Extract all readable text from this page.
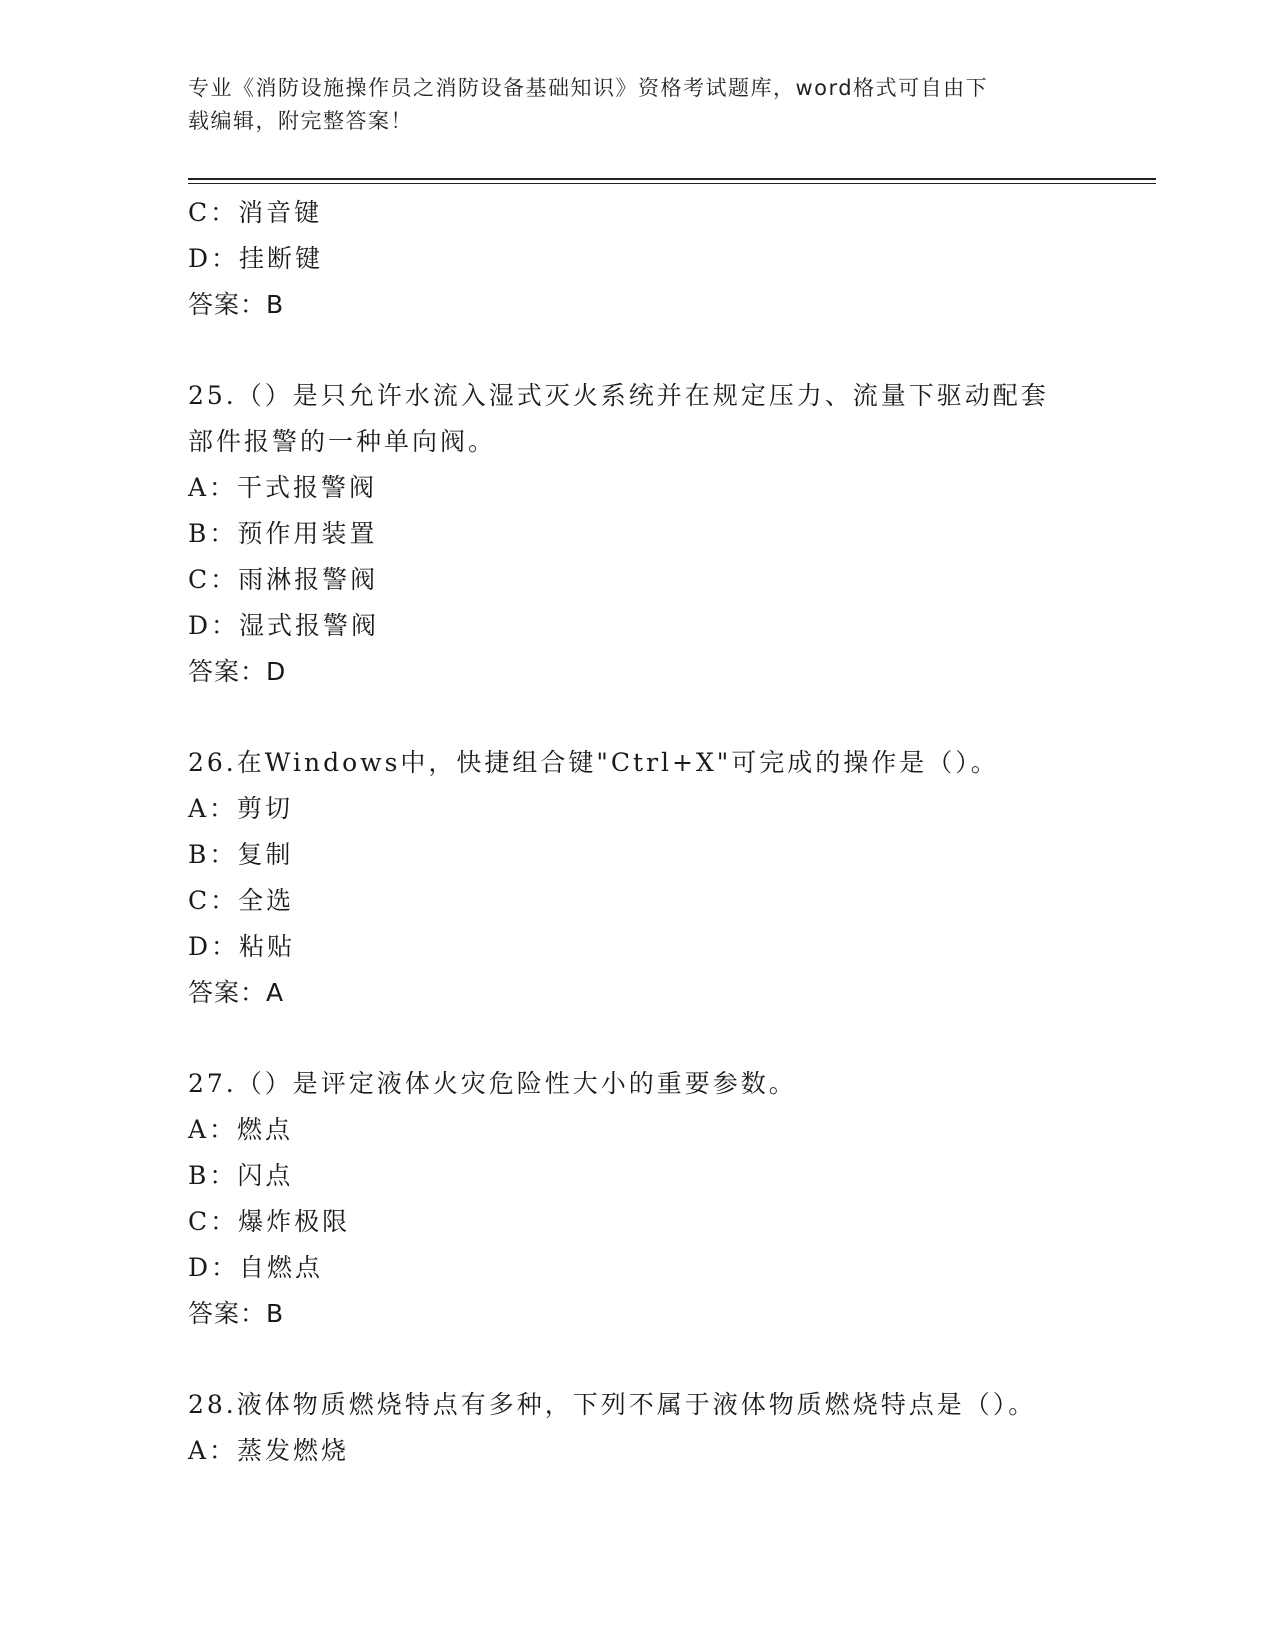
专业《消防设施操作员之消防设备基础知识》资格考试题库，word格式可自由下
载编辑，附完整答案！
C：消音键
D：挂断键
答案：B
25.（）是只允许水流入湿式灭火系统并在规定压力、流量下驱动配套
部件报警的一种单向阀。
A：干式报警阀
B：预作用装置
C：雨淋报警阀
D：湿式报警阀
答案：D
26.在Windows中，快捷组合键"Ctrl+X"可完成的操作是（）。
A：剪切
B：复制
C：全选
D：粘贴
答案：A
27.（）是评定液体火灾危险性大小的重要参数。
A：燃点
B：闪点
C：爆炸极限
D：自燃点
答案：B
28.液体物质燃烧特点有多种，下列不属于液体物质燃烧特点是（）。
A：蒸发燃烧
